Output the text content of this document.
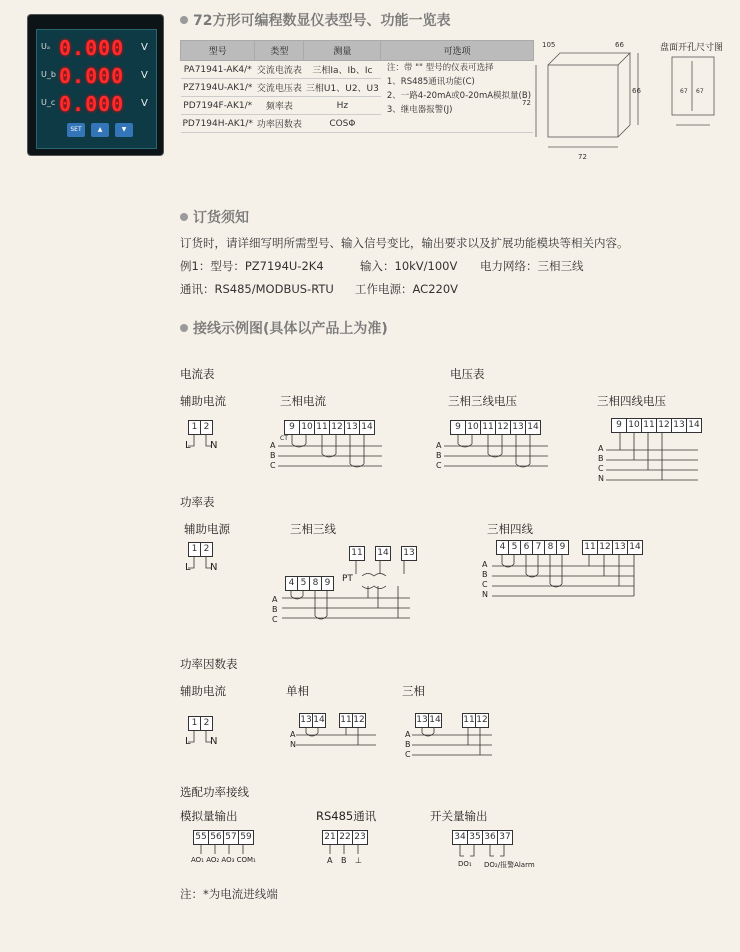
72方形可编程数显仪表型号、功能一览表
Uₐ 0.000 V
U_b 0.000 V
U_c 0.000 V
SET	▲	▼
型号	类型	测量	可选项
PA71941-AK4/*	交流电流表	三相Ia、Ib、Ic	注：带 "" 型号的仪表可选择
1、RS485通讯功能(C)
2、一路4-20mA或0-20mA模拟量(B)
3、继电器报警(J)

PZ7194U-AK1/*	交流电压表	三相U1、U2、U3	
PD7194F-AK1/*	频率表	Hz	
PD7194H-AK1/*	功率因数表	COSΦ	
105	66
72
66
72
67 67
盘面开孔尺寸图
订货须知
订货时，请详细写明所需型号、输入信号变比，输出要求以及扩展功能模块等相关内容。
例1：型号：PZ7194U-2K4	输入：10kV/100V 电力网络：三相三线
通讯：RS485/MODBUS-RTU 工作电源：AC220V
接线示例图(具体以产品上为准)
电流表	电压表
辅助电流	三相电流	三相三线电压	三相四线电压
1 2
L N
9 10 11 12 13 14
CT
A
B
C
9 10 11 12 13 14
A
B
C
9 10 11 12 13 14
A
B
C
N
功率表
辅助电源	三相三线	三相四线
1 2
L N
11 14 13
4 5 8 9	PT
A
B
C
4 5 6 7 8 9	11 12 13 14
A
B
C
N
功率因数表
辅助电流	单相	三相
1 2
L N
13 14 11 12
A
N
13 14	11 12
A
B
C
选配功率接线
模拟量输出	RS485通讯	开关量输出
55 56 57 59
AO₁ AO₂ AO₃ COM₁
21 22 23
A B ⊥
34 35 36 37
DO₁ DO₂/报警Alarm
注：*为电流进线端
